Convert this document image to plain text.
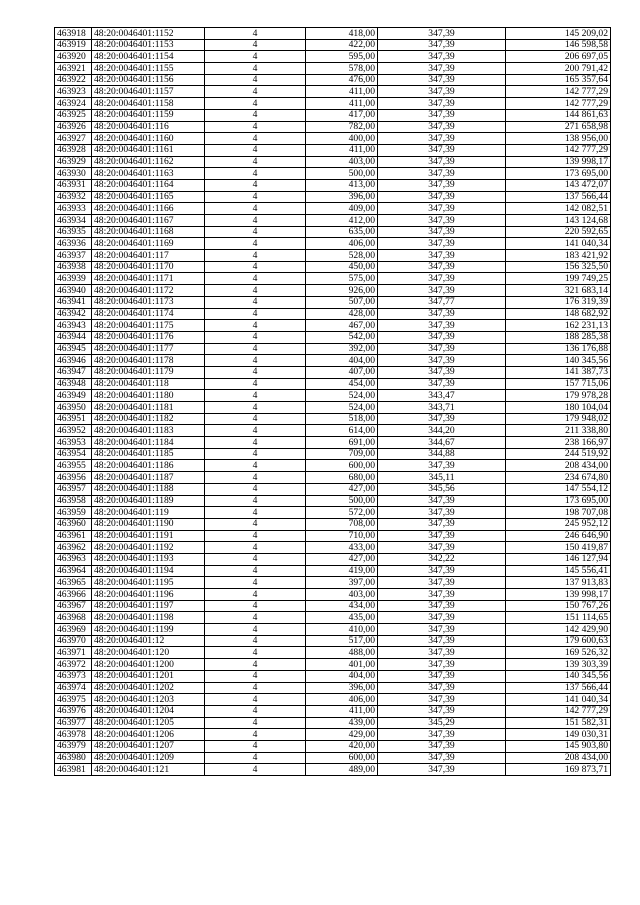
463918	48:20:0046401:1152	4	418,00	347,39	145 209,02
463919	48:20:0046401:1153	4	422,00	347,39	146 598,58
463920	48:20:0046401:1154	4	595,00	347,39	206 697,05
463921	48:20:0046401:1155	4	578,00	347,39	200 791,42
463922	48:20:0046401:1156	4	476,00	347,39	165 357,64
463923	48:20:0046401:1157	4	411,00	347,39	142 777,29
463924	48:20:0046401:1158	4	411,00	347,39	142 777,29
463925	48:20:0046401:1159	4	417,00	347,39	144 861,63
463926	48:20:0046401:116	4	782,00	347,39	271 658,98
463927	48:20:0046401:1160	4	400,00	347,39	138 956,00
463928	48:20:0046401:1161	4	411,00	347,39	142 777,29
463929	48:20:0046401:1162	4	403,00	347,39	139 998,17
463930	48:20:0046401:1163	4	500,00	347,39	173 695,00
463931	48:20:0046401:1164	4	413,00	347,39	143 472,07
463932	48:20:0046401:1165	4	396,00	347,39	137 566,44
463933	48:20:0046401:1166	4	409,00	347,39	142 082,51
463934	48:20:0046401:1167	4	412,00	347,39	143 124,68
463935	48:20:0046401:1168	4	635,00	347,39	220 592,65
463936	48:20:0046401:1169	4	406,00	347,39	141 040,34
463937	48:20:0046401:117	4	528,00	347,39	183 421,92
463938	48:20:0046401:1170	4	450,00	347,39	156 325,50
463939	48:20:0046401:1171	4	575,00	347,39	199 749,25
463940	48:20:0046401:1172	4	926,00	347,39	321 683,14
463941	48:20:0046401:1173	4	507,00	347,77	176 319,39
463942	48:20:0046401:1174	4	428,00	347,39	148 682,92
463943	48:20:0046401:1175	4	467,00	347,39	162 231,13
463944	48:20:0046401:1176	4	542,00	347,39	188 285,38
463945	48:20:0046401:1177	4	392,00	347,39	136 176,88
463946	48:20:0046401:1178	4	404,00	347,39	140 345,56
463947	48:20:0046401:1179	4	407,00	347,39	141 387,73
463948	48:20:0046401:118	4	454,00	347,39	157 715,06
463949	48:20:0046401:1180	4	524,00	343,47	179 978,28
463950	48:20:0046401:1181	4	524,00	343,71	180 104,04
463951	48:20:0046401:1182	4	518,00	347,39	179 948,02
463952	48:20:0046401:1183	4	614,00	344,20	211 338,80
463953	48:20:0046401:1184	4	691,00	344,67	238 166,97
463954	48:20:0046401:1185	4	709,00	344,88	244 519,92
463955	48:20:0046401:1186	4	600,00	347,39	208 434,00
463956	48:20:0046401:1187	4	680,00	345,11	234 674,80
463957	48:20:0046401:1188	4	427,00	345,56	147 554,12
463958	48:20:0046401:1189	4	500,00	347,39	173 695,00
463959	48:20:0046401:119	4	572,00	347,39	198 707,08
463960	48:20:0046401:1190	4	708,00	347,39	245 952,12
463961	48:20:0046401:1191	4	710,00	347,39	246 646,90
463962	48:20:0046401:1192	4	433,00	347,39	150 419,87
463963	48:20:0046401:1193	4	427,00	342,22	146 127,94
463964	48:20:0046401:1194	4	419,00	347,39	145 556,41
463965	48:20:0046401:1195	4	397,00	347,39	137 913,83
463966	48:20:0046401:1196	4	403,00	347,39	139 998,17
463967	48:20:0046401:1197	4	434,00	347,39	150 767,26
463968	48:20:0046401:1198	4	435,00	347,39	151 114,65
463969	48:20:0046401:1199	4	410,00	347,39	142 429,90
463970	48:20:0046401:12	4	517,00	347,39	179 600,63
463971	48:20:0046401:120	4	488,00	347,39	169 526,32
463972	48:20:0046401:1200	4	401,00	347,39	139 303,39
463973	48:20:0046401:1201	4	404,00	347,39	140 345,56
463974	48:20:0046401:1202	4	396,00	347,39	137 566,44
463975	48:20:0046401:1203	4	406,00	347,39	141 040,34
463976	48:20:0046401:1204	4	411,00	347,39	142 777,29
463977	48:20:0046401:1205	4	439,00	345,29	151 582,31
463978	48:20:0046401:1206	4	429,00	347,39	149 030,31
463979	48:20:0046401:1207	4	420,00	347,39	145 903,80
463980	48:20:0046401:1209	4	600,00	347,39	208 434,00
463981	48:20:0046401:121	4	489,00	347,39	169 873,71
